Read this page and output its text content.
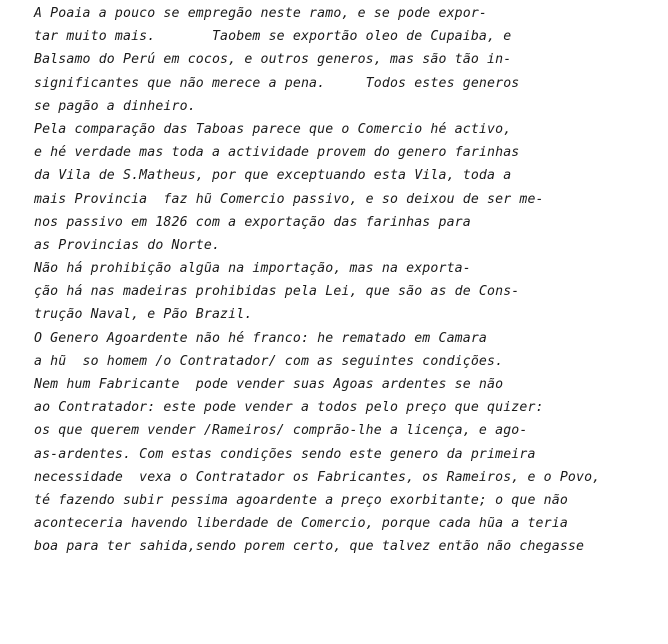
A Poaia a pouco se empregão neste ramo, e se pode expor-
tar muito mais.       Taobem se exportão oleo de Cupaiba, e
Balsamo do Perú em cocos, e outros generos, mas são tão in-
significantes que não merece a pena.     Todos estes generos
se pagão a dinheiro.
Pela comparação das Taboas parece que o Comercio hé activo,
e hé verdade mas toda a actividade provem do genero farinhas
da Vila de S.Matheus, por que exceptuando esta Vila, toda a
mais Provincia  faz hũ Comercio passivo, e so deixou de ser me-
nos passivo em 1826 com a exportação das farinhas para
as Provincias do Norte.
Não há prohibição algũa na importação, mas na exporta-
ção há nas madeiras prohibidas pela Lei, que são as de Cons-
trução Naval, e Pão Brazil.
O Genero Agoardente não hé franco: he rematado em Camara
a hũ  so homem /o Contratador/ com as seguintes condições.
Nem hum Fabricante  pode vender suas Agoas ardentes se não
ao Contratador: este pode vender a todos pelo preço que quizer:
os que querem vender /Rameiros/ comprão-lhe a licença, e ago-
as-ardentes. Com estas condições sendo este genero da primeira
necessidade  vexa o Contratador os Fabricantes, os Rameiros, e o Povo,
té fazendo subir pessima agoardente a preço exorbitante; o que não
aconteceria havendo liberdade de Comercio, porque cada hũa a teria
boa para ter sahida,sendo porem certo, que talvez então não chegasse
